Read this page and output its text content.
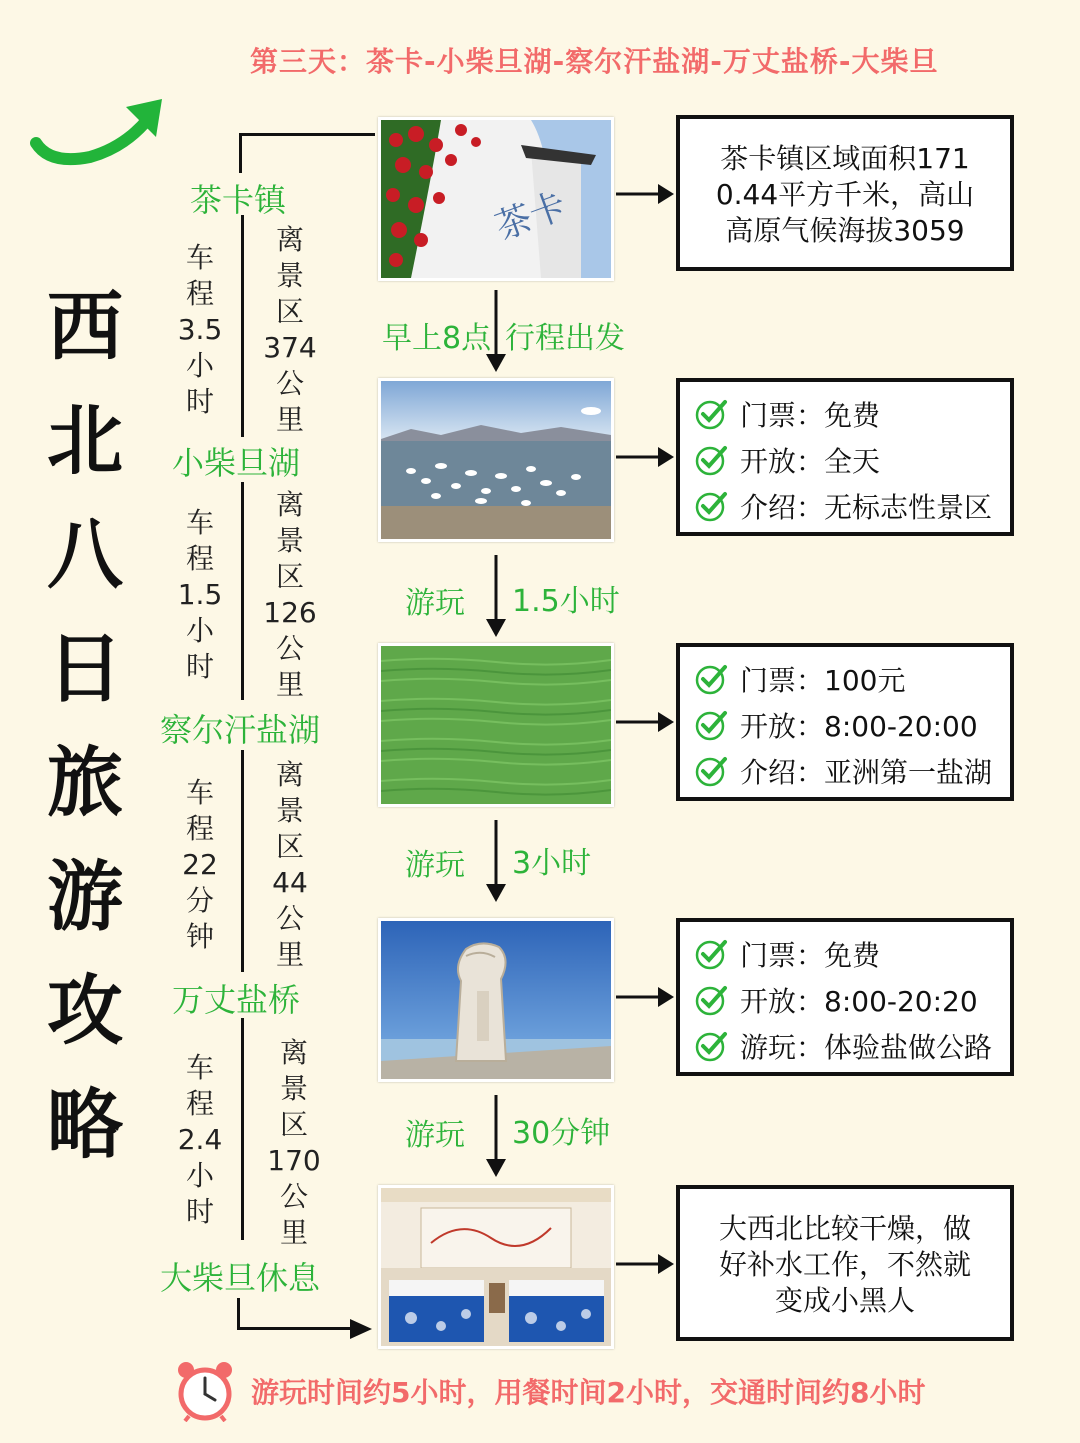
第三天：茶卡-小柴旦湖-察尔汗盐湖-万丈盐桥-大柴旦
西
北
八
日
旅
游
攻
略
茶卡镇
小柴旦湖
察尔汗盐湖
万丈盐桥
大柴旦休息
车
程
3.5
小
时
离
景
区
374
公
里
车
程
1.5
小
时
离
景
区
126
公
里
车
程
22
分
钟
离
景
区
44
公
里
车
程
2.4
小
时
离
景
区
170
公
里
茶卡
早上8点 行程出发
游玩 1.5小时
游玩 3小时
游玩 30分钟

茶卡镇区域面积171

0.44平方千米，高山

高原气候海拔3059

门票：免费
开放：全天
介绍：无标志性景区
门票：100元
开放：8:00-20:00
介绍：亚洲第一盐湖
门票：免费
开放：8:00-20:20
游玩：体验盐做公路

大西北比较干燥，做

好补水工作，不然就

变成小黑人

游玩时间约5小时，用餐时间2小时，交通时间约8小时
